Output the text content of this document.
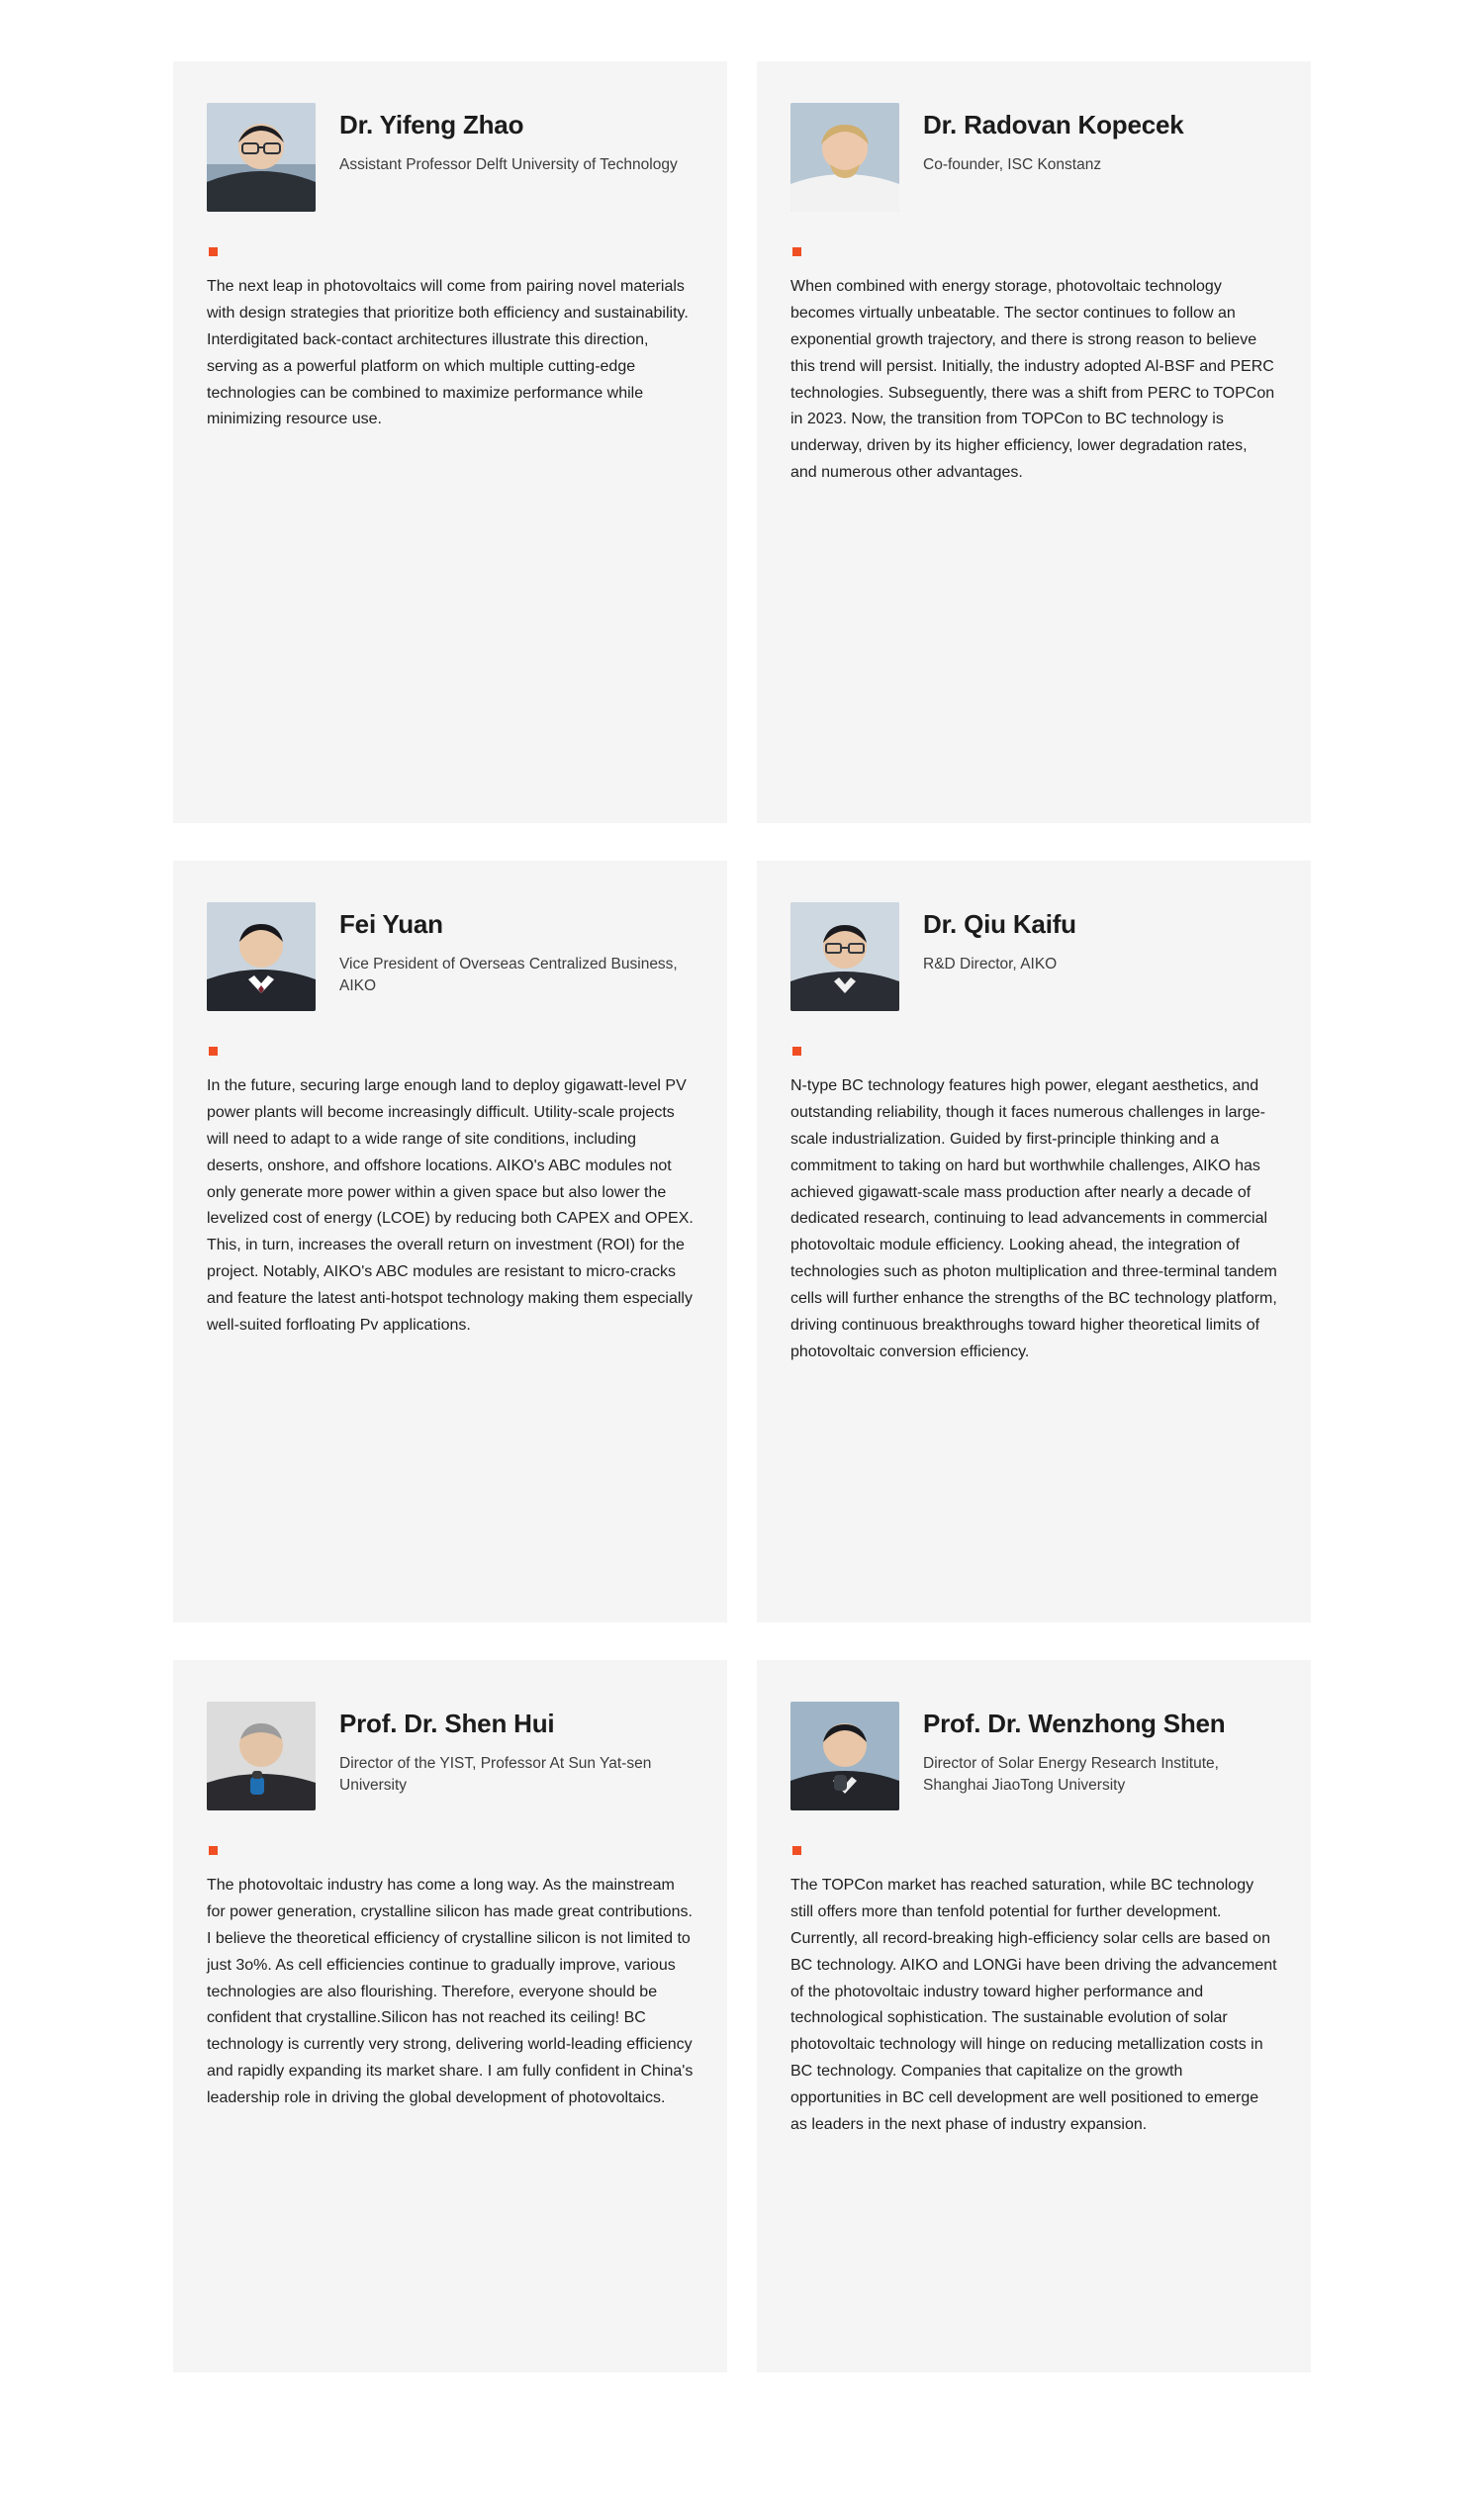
Dr. Yifeng Zhao

Assistant Professor Delft University of Technology

The next leap in photovoltaics will come from pairing novel materials with design strategies that prioritize both efficiency and sustainability. Interdigitated back-contact architectures illustrate this direction, serving as a powerful platform on which multiple cutting-edge technologies can be combined to maximize performance while minimizing resource use.

Dr. Radovan Kopecek

Co-founder, ISC Konstanz

When combined with energy storage, photovoltaic technology becomes virtually unbeatable. The sector continues to follow an exponential growth trajectory, and there is strong reason to believe this trend will persist. Initially, the industry adopted Al-BSF and PERC technologies. Subseguently, there was a shift from PERC to TOPCon in 2023. Now, the transition from TOPCon to BC technology is underway, driven by its higher efficiency, lower degradation rates, and numerous other advantages.

Fei Yuan

Vice President of Overseas Centralized Business, AIKO

In the future, securing large enough land to deploy gigawatt-level PV power plants will become increasingly difficult. Utility-scale projects will need to adapt to a wide range of site conditions, including deserts, onshore, and offshore locations. AIKO's ABC modules not only generate more power within a given space but also lower the levelized cost of energy (LCOE) by reducing both CAPEX and OPEX. This, in turn, increases the overall return on investment (ROI) for the project. Notably, AIKO's ABC modules are resistant to micro-cracks and feature the latest anti-hotspot technology making them especially well-suited forfloating Pv applications.

Dr. Qiu Kaifu

R&D Director, AIKO

N-type BC technology features high power, elegant aesthetics, and outstanding reliability, though it faces numerous challenges in large-scale industrialization. Guided by first-principle thinking and a commitment to taking on hard but worthwhile challenges, AIKO has achieved gigawatt-scale mass production after nearly a decade of dedicated research, continuing to lead advancements in commercial photovoltaic module efficiency. Looking ahead, the integration of technologies such as photon multiplication and three-terminal tandem cells will further enhance the strengths of the BC technology platform, driving continuous breakthroughs toward higher theoretical limits of photovoltaic conversion efficiency.

Prof. Dr. Shen Hui

Director of the YIST, Professor At Sun Yat-sen University

The photovoltaic industry has come a long way. As the mainstream for power generation, crystalline silicon has made great contributions. I believe the theoretical efficiency of crystalline silicon is not limited to just 3o%. As cell efficiencies continue to gradually improve, various technologies are also flourishing. Therefore, everyone should be confident that crystalline.Silicon has not reached its ceiling! BC technology is currently very strong, delivering world-leading efficiency and rapidly expanding its market share. I am fully confident in China's leadership role in driving the global development of photovoltaics.

Prof. Dr. Wenzhong Shen

Director of Solar Energy Research Institute, Shanghai JiaoTong University

The TOPCon market has reached saturation, while BC technology still offers more than tenfold potential for further development. Currently, all record-breaking high-efficiency solar cells are based on BC technology. AIKO and LONGi have been driving the advancement of the photovoltaic industry toward higher performance and technological sophistication. The sustainable evolution of solar photovoltaic technology will hinge on reducing metallization costs in BC technology. Companies that capitalize on the growth opportunities in BC cell development are well positioned to emerge as leaders in the next phase of industry expansion.
